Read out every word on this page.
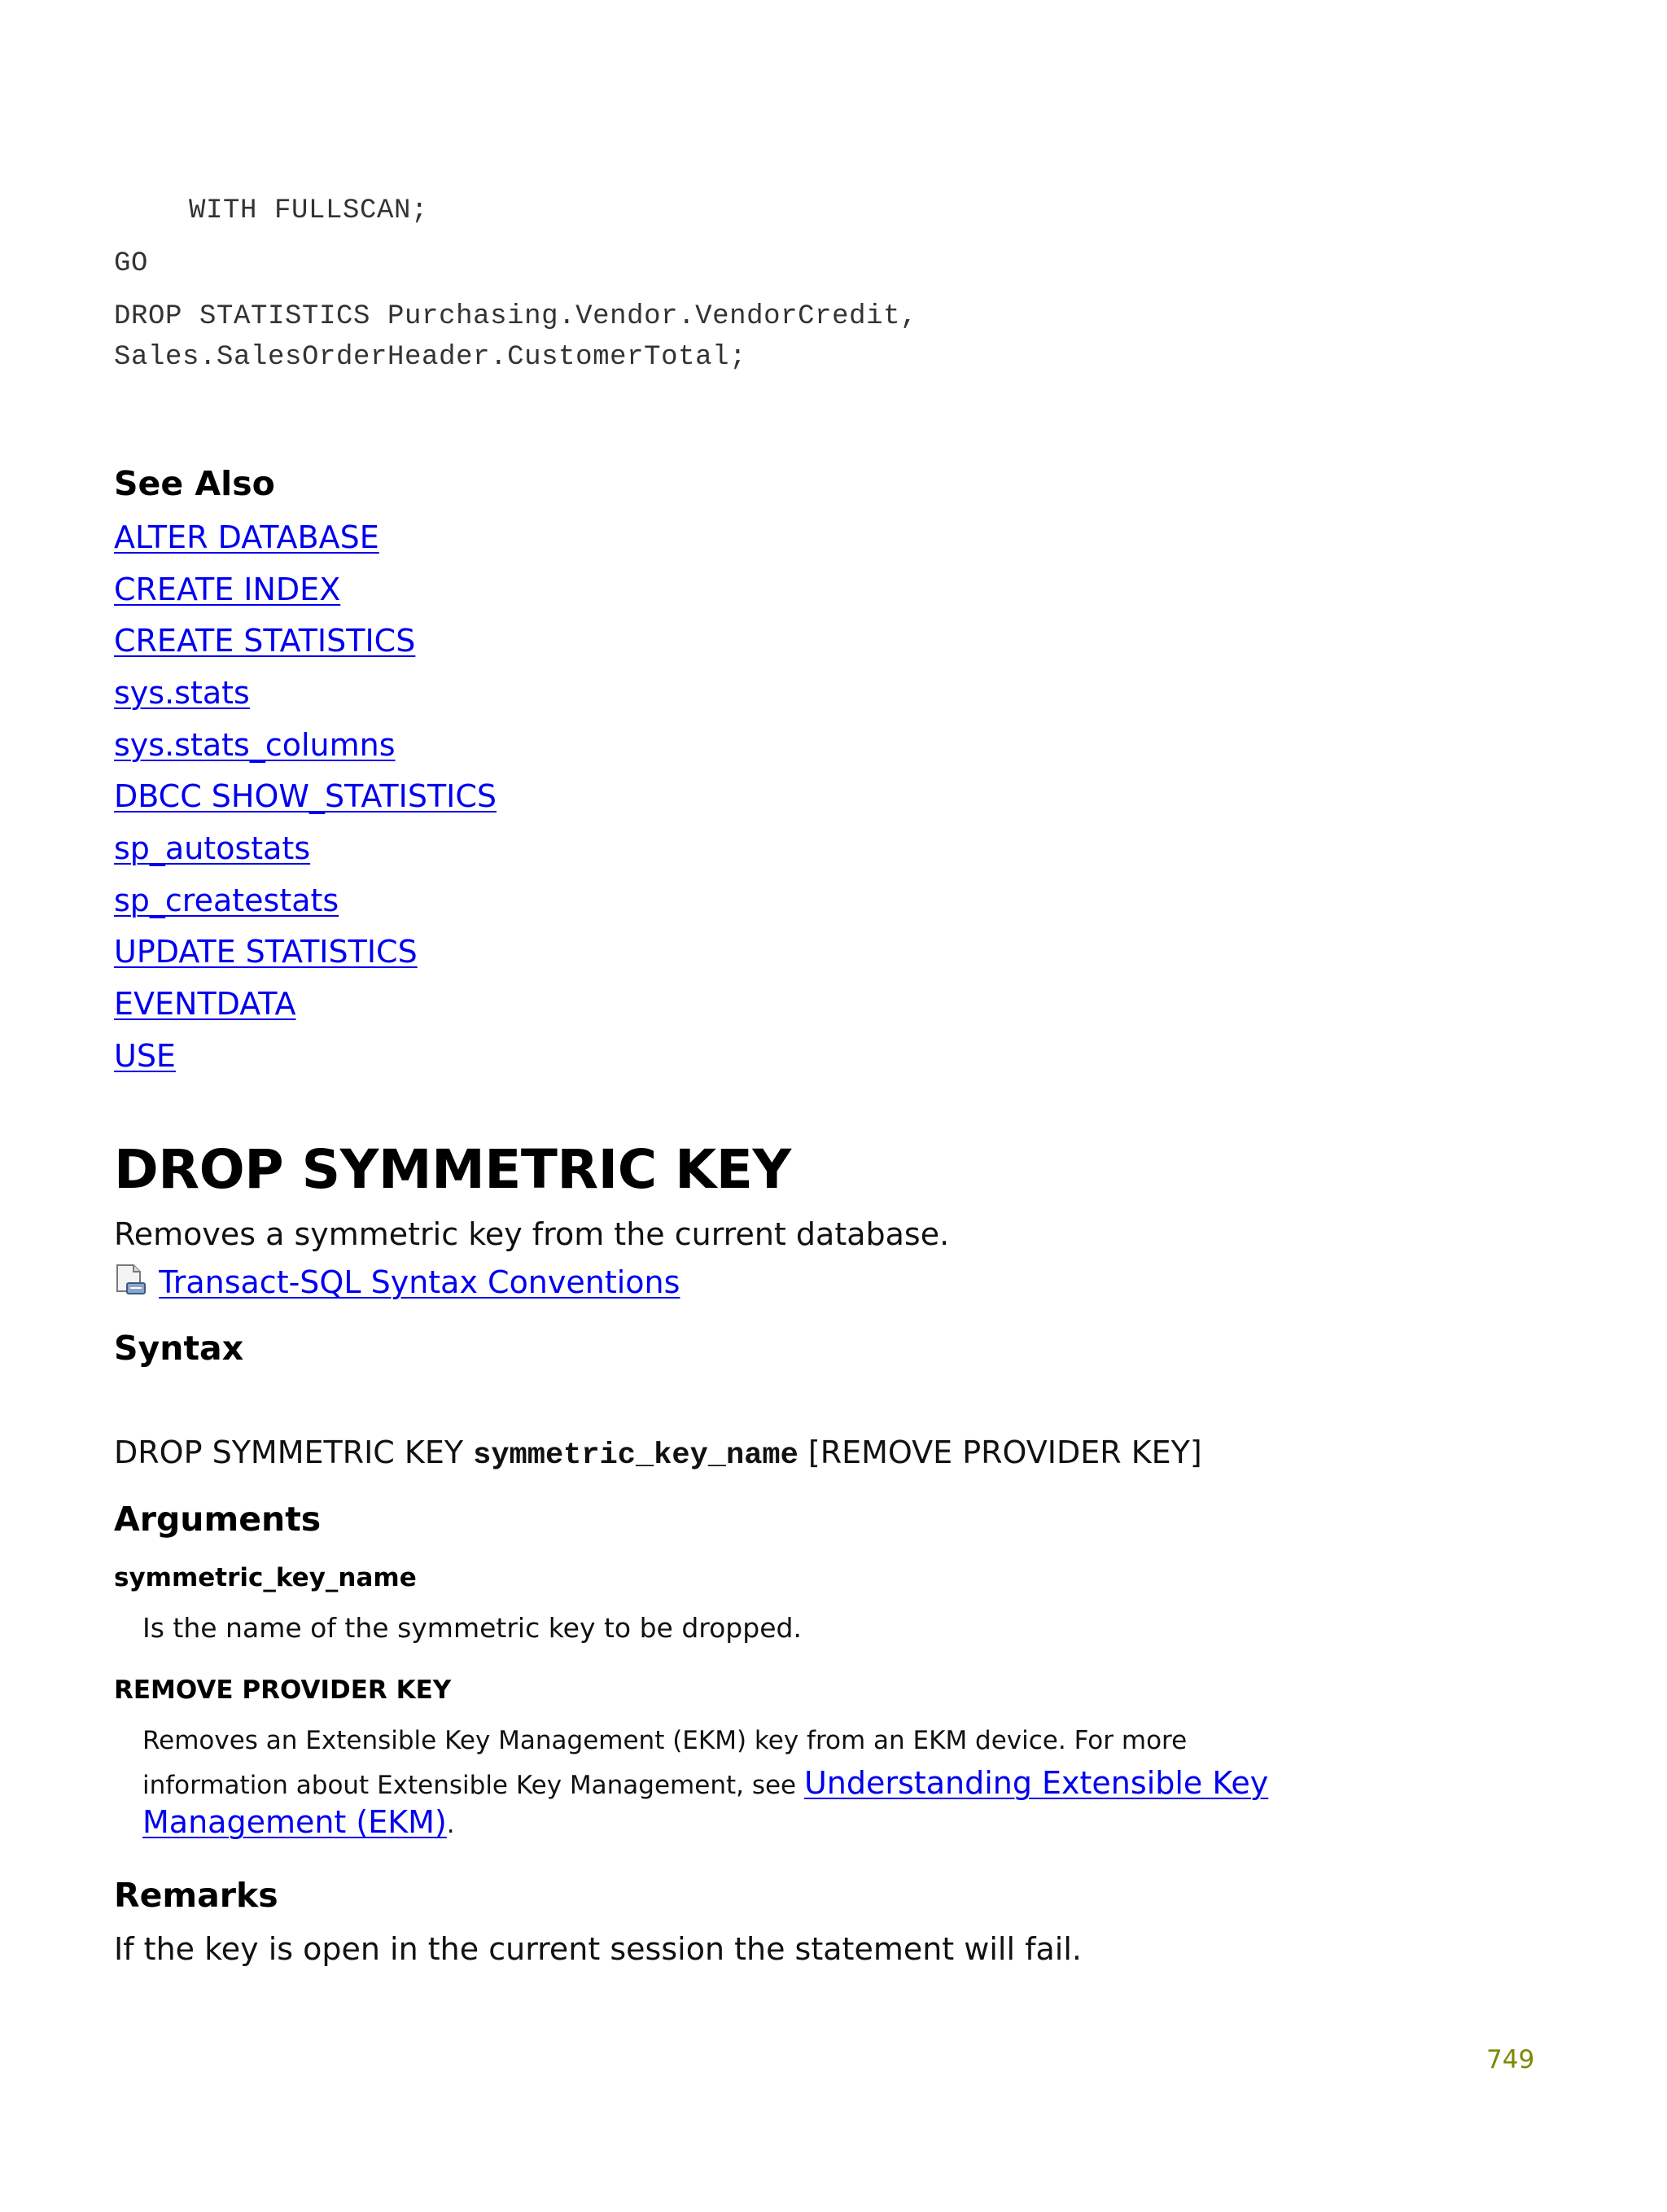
WITH FULLSCAN;
GO
DROP STATISTICS Purchasing.Vendor.VendorCredit,
Sales.SalesOrderHeader.CustomerTotal;
See Also
ALTER DATABASE
CREATE INDEX
CREATE STATISTICS
sys.stats
sys.stats_columns
DBCC SHOW_STATISTICS
sp_autostats
sp_createstats
UPDATE STATISTICS
EVENTDATA
USE
DROP SYMMETRIC KEY
Removes a symmetric key from the current database.
Transact-SQL Syntax Conventions
Syntax
DROP SYMMETRIC KEY symmetric_key_name [REMOVE PROVIDER KEY]
Arguments
symmetric_key_name
Is the name of the symmetric key to be dropped.
REMOVE PROVIDER KEY
Removes an Extensible Key Management (EKM) key from an EKM device. For more
information about Extensible Key Management, see Understanding Extensible Key
Management (EKM).
Remarks
If the key is open in the current session the statement will fail.
749
